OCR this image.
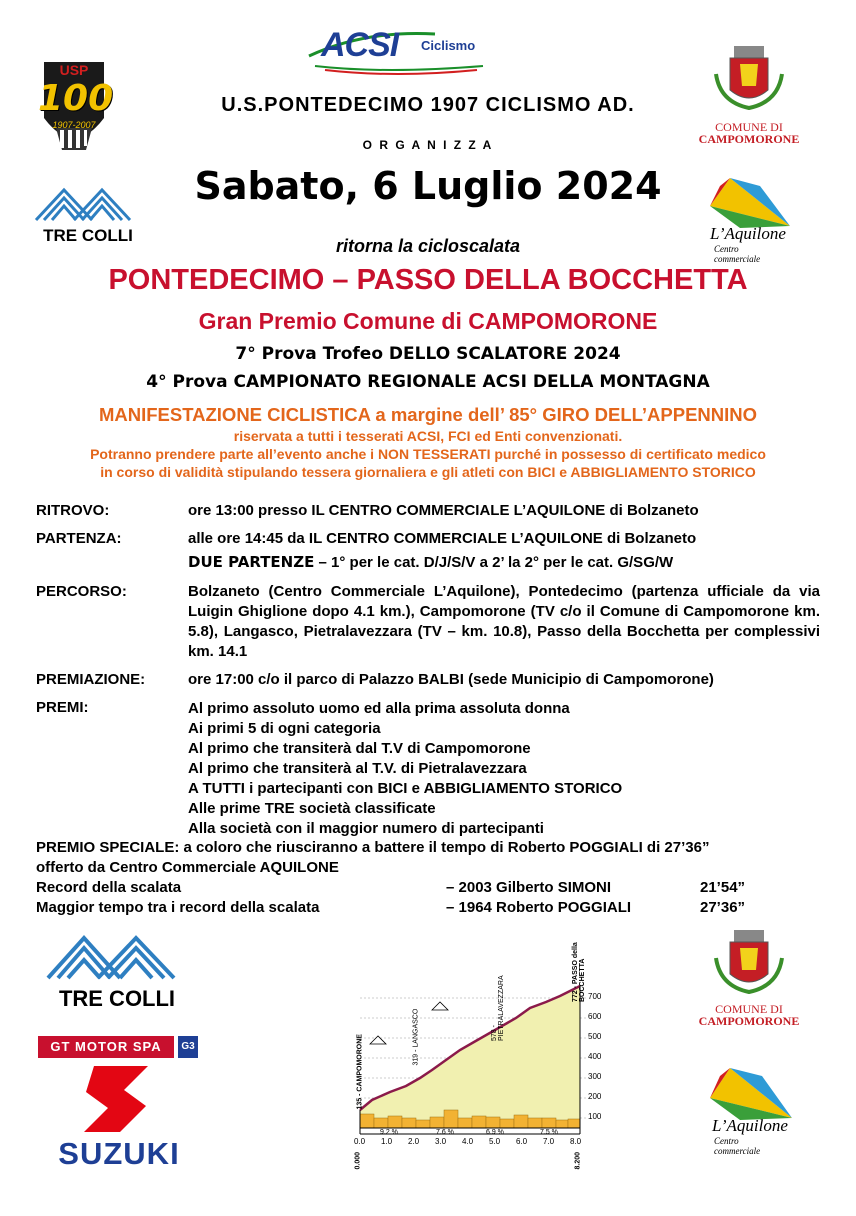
USP
100
1907-2007
ACSI Ciclismo
COMUNE DI
CAMPOMORONE
TRE COLLI	L’Aquilone
Centro commerciale
U.S.PONTEDECIMO 1907 CICLISMO AD.
O R G A N I Z Z A
Sabato, 6 Luglio 2024
ritorna la cicloscalata
PONTEDECIMO – PASSO DELLA BOCCHETTA
Gran Premio Comune di CAMPOMORONE
7° Prova Trofeo DELLO SCALATORE 2024
4° Prova CAMPIONATO REGIONALE ACSI DELLA MONTAGNA
MANIFESTAZIONE CICLISTICA a margine dell’ 85° GIRO DELL’APPENNINO
riservata a tutti i tesserati ACSI, FCI ed Enti convenzionati.
Potranno prendere parte all’evento anche i NON TESSERATI purché in possesso di certificato medico
in corso di validità stipulando tessera giornaliera e gli atleti con BICI e ABBIGLIAMENTO STORICO
RITROVO:	ore 13:00 presso IL CENTRO COMMERCIALE L’AQUILONE di Bolzaneto
PARTENZA:	alle ore 14:45 da IL CENTRO COMMERCIALE L’AQUILONE di Bolzaneto
DUE PARTENZE – 1° per le cat. D/J/S/V a 2’ la 2° per le cat. G/SG/W
PERCORSO:	Bolzaneto (Centro Commerciale L’Aquilone), Pontedecimo (partenza ufficiale da via Luigin Ghiglione dopo 4.1 km.), Campomorone (TV c/o il Comune di Campomorone km. 5.8), Langasco, Pietralavezzara (TV – km. 10.8), Passo della Bocchetta per complessivi km. 14.1
PREMIAZIONE:	ore 17:00 c/o il parco di Palazzo BALBI (sede Municipio di Campomorone)
PREMI:	Al primo assoluto uomo ed alla prima assoluta donna
Ai primi 5 di ogni categoria
Al primo che transiterà dal T.V di Campomorone
Al primo che transiterà al T.V. di Pietralavezzara
A TUTTI i partecipanti con BICI e ABBIGLIAMENTO STORICO
Alle prime TRE società classificate
Alla società con il maggior numero di partecipanti
PREMIO SPECIALE: a coloro che riusciranno a battere il tempo di Roberto POGGIALI di 27’36”
offerto da Centro Commerciale AQUILONE
Record della scalata	– 2003 Gilberto SIMONI	21’54”
Maggior tempo tra i record della scalata	– 1964 Roberto POGGIALI	27’36”
TRE COLLI
GT MOTOR SPA	G3
SUZUKI
COMUNE DI
CAMPOMORONE
L’Aquilone
Centro commerciale
700
600
500
400
300
200
100
0.0 1.0 2.0 3.0 4.0 5.0 6.0 7.0 8.0
9.2 %	7.6 %	6.9 %	7.5 %
135 - CAMPOMORONE	319 - LANGASCO	578 - PIETRALAVEZZARA
772 - PASSO della BOCCHETTA
0.000	8.200
